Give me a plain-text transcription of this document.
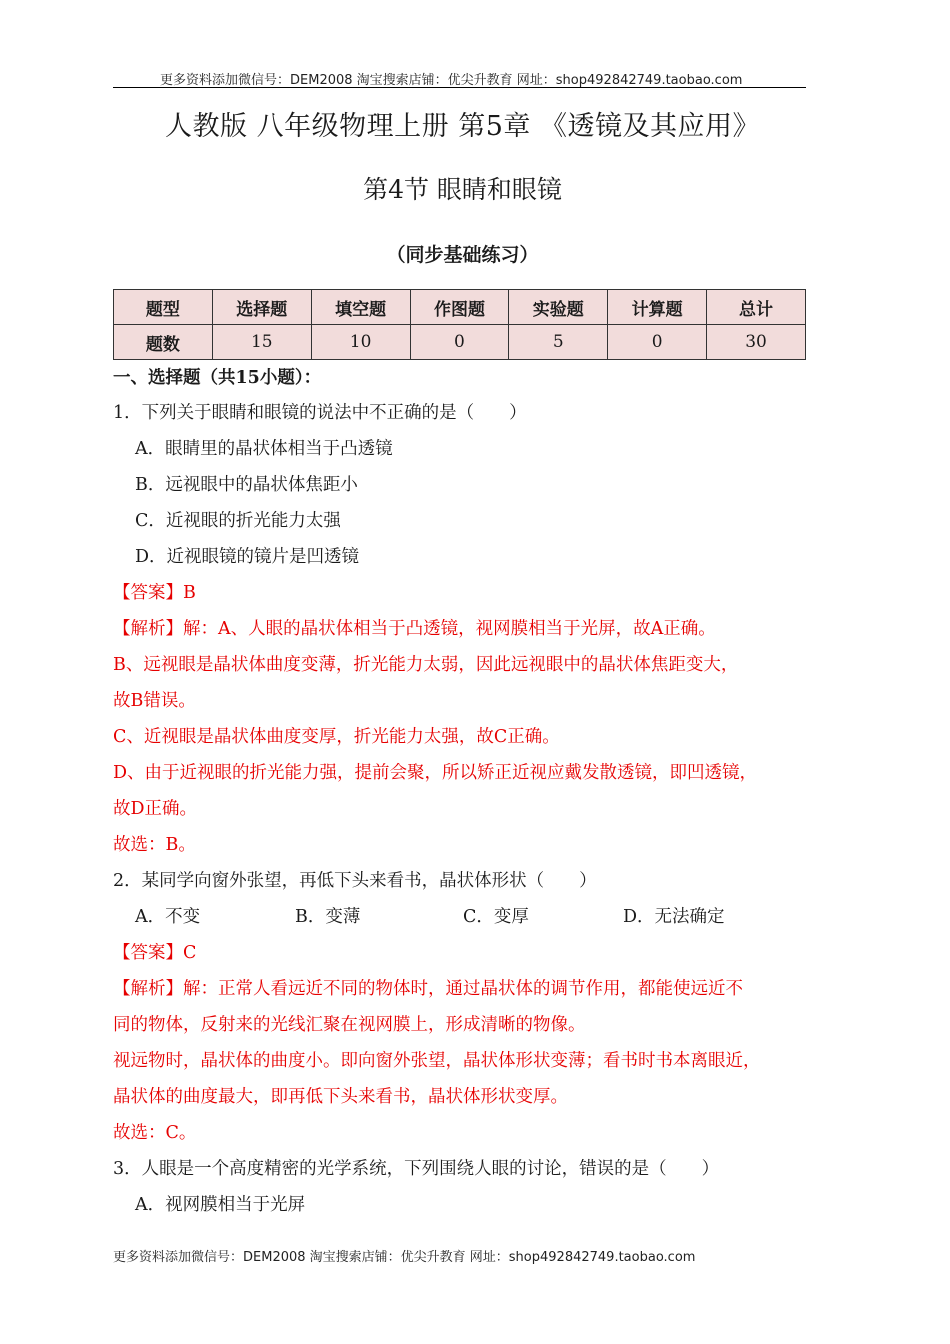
更多资料添加微信号：DEM2008 淘宝搜索店铺：优尖升教育 网址：shop492842749.taobao.com
人教版 八年级物理上册 第5章 《透镜及其应用》
第4节 眼睛和眼镜
（同步基础练习）
题型	选择题	填空题	作图题	实验题	计算题	总计
题数	15	10	0	5	0	30
一、选择题（共15小题）：
1．下列关于眼睛和眼镜的说法中不正确的是（　　）
A．眼睛里的晶状体相当于凸透镜
B．远视眼中的晶状体焦距小
C．近视眼的折光能力太强
D．近视眼镜的镜片是凹透镜
【答案】B
【解析】解：A、人眼的晶状体相当于凸透镜，视网膜相当于光屏，故A正确。
B、远视眼是晶状体曲度变薄，折光能力太弱，因此远视眼中的晶状体焦距变大，
故B错误。
C、近视眼是晶状体曲度变厚，折光能力太强，故C正确。
D、由于近视眼的折光能力强，提前会聚，所以矫正近视应戴发散透镜，即凹透镜，
故D正确。
故选：B。
2．某同学向窗外张望，再低下头来看书，晶状体形状（　　）
A．不变	B．变薄	C．变厚	D．无法确定
【答案】C
【解析】解：正常人看远近不同的物体时，通过晶状体的调节作用，都能使远近不
同的物体，反射来的光线汇聚在视网膜上，形成清晰的物像。
视远物时，晶状体的曲度小。即向窗外张望，晶状体形状变薄；看书时书本离眼近，
晶状体的曲度最大，即再低下头来看书，晶状体形状变厚。
故选：C。
3．人眼是一个高度精密的光学系统，下列围绕人眼的讨论，错误的是（　　）
A．视网膜相当于光屏
更多资料添加微信号：DEM2008 淘宝搜索店铺：优尖升教育 网址：shop492842749.taobao.com
